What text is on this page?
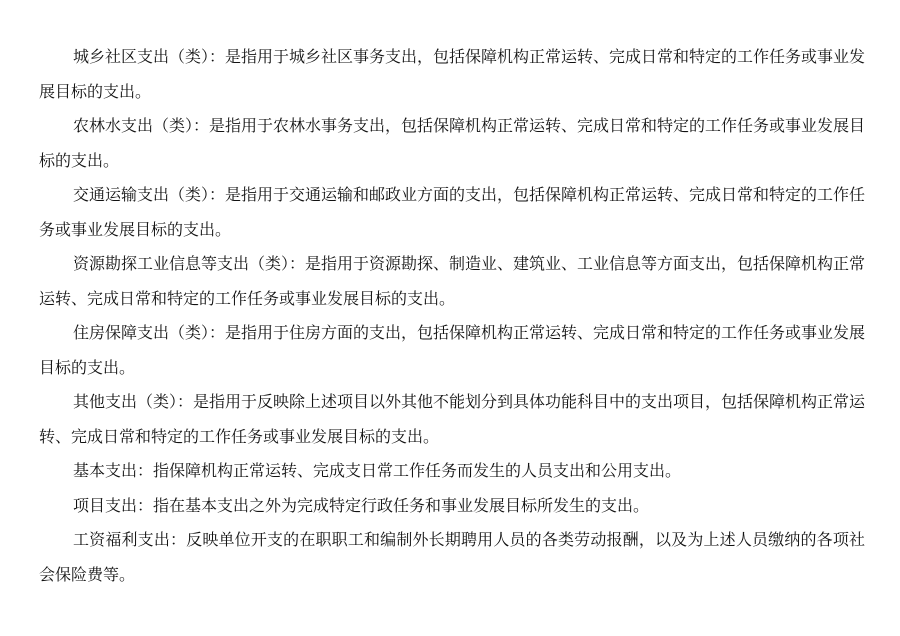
城乡社区支出（类）：是指用于城乡社区事务支出，包括保障机构正常运转、完成日常和特定的工作任务或事业发展目标的支出。

农林水支出（类）：是指用于农林水事务支出，包括保障机构正常运转、完成日常和特定的工作任务或事业发展目标的支出。

交通运输支出（类）：是指用于交通运输和邮政业方面的支出，包括保障机构正常运转、完成日常和特定的工作任务或事业发展目标的支出。

资源勘探工业信息等支出（类）：是指用于资源勘探、制造业、建筑业、工业信息等方面支出，包括保障机构正常运转、完成日常和特定的工作任务或事业发展目标的支出。

住房保障支出（类）：是指用于住房方面的支出，包括保障机构正常运转、完成日常和特定的工作任务或事业发展目标的支出。

其他支出（类）：是指用于反映除上述项目以外其他不能划分到具体功能科目中的支出项目，包括保障机构正常运转、完成日常和特定的工作任务或事业发展目标的支出。

基本支出：指保障机构正常运转、完成支日常工作任务而发生的人员支出和公用支出。

项目支出：指在基本支出之外为完成特定行政任务和事业发展目标所发生的支出。

工资福利支出：反映单位开支的在职职工和编制外长期聘用人员的各类劳动报酬，以及为上述人员缴纳的各项社会保险费等。
